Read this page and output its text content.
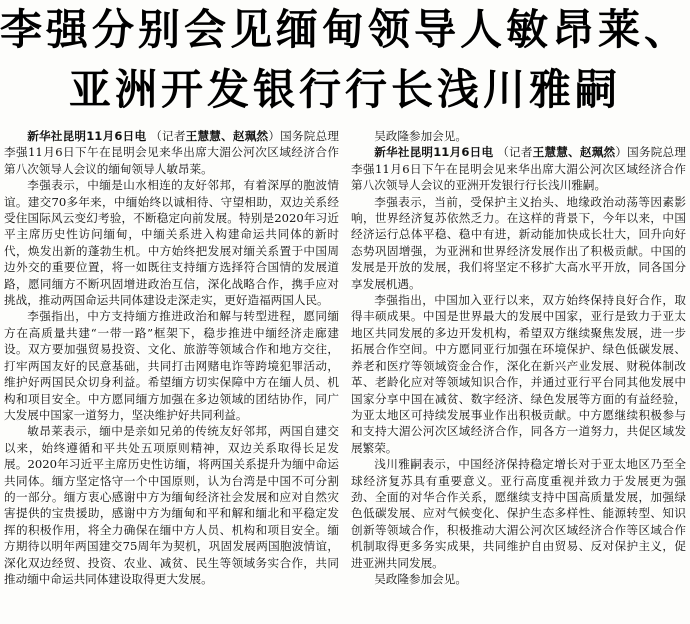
李强分别会见缅甸领导人敏昂莱、
亚洲开发银行行长浅川雅嗣

新华社昆明11月6日电 （记者王慧慧、赵珮然）国务院总理李强11月6日下午在昆明会见来华出席大湄公河次区域经济合作第八次领导人会议的缅甸领导人敏昂莱。

李强表示，中缅是山水相连的友好邻邦，有着深厚的胞波情谊。建交70多年来，中缅始终以诚相待、守望相助，双边关系经受住国际风云变幻考验，不断稳定向前发展。特别是2020年习近平主席历史性访问缅甸，中缅关系进入构建命运共同体的新时代，焕发出新的蓬勃生机。中方始终把发展对缅关系置于中国周边外交的重要位置，将一如既往支持缅方选择符合国情的发展道路，愿同缅方不断巩固增进政治互信，深化战略合作，携手应对挑战，推动两国命运共同体建设走深走实，更好造福两国人民。

李强指出，中方支持缅方推进政治和解与转型进程，愿同缅方在高质量共建“一带一路”框架下，稳步推进中缅经济走廊建设。双方要加强贸易投资、文化、旅游等领域合作和地方交往，打牢两国友好的民意基础，共同打击网赌电诈等跨境犯罪活动，维护好两国民众切身利益。希望缅方切实保障中方在缅人员、机构和项目安全。中方愿同缅方加强在多边领域的团结协作，同广大发展中国家一道努力，坚决维护好共同利益。

敏昂莱表示，缅中是亲如兄弟的传统友好邻邦，两国自建交以来，始终遵循和平共处五项原则精神，双边关系取得长足发展。2020年习近平主席历史性访缅，将两国关系提升为缅中命运共同体。缅方坚定恪守一个中国原则，认为台湾是中国不可分割的一部分。缅方衷心感谢中方为缅甸经济社会发展和应对自然灾害提供的宝贵援助，感谢中方为缅甸和平和解和缅北和平稳定发挥的积极作用，将全力确保在缅中方人员、机构和项目安全。缅方期待以明年两国建交75周年为契机，巩固发展两国胞波情谊，深化双边经贸、投资、农业、减贫、民生等领域务实合作，共同推动缅中命运共同体建设取得更大发展。

吴政隆参加会见。

新华社昆明11月6日电 （记者王慧慧、赵珮然）国务院总理李强11月6日下午在昆明会见来华出席大湄公河次区域经济合作第八次领导人会议的亚洲开发银行行长浅川雅嗣。

李强表示，当前，受保护主义抬头、地缘政治动荡等因素影响，世界经济复苏依然乏力。在这样的背景下，今年以来，中国经济运行总体平稳、稳中有进，新动能加快成长壮大，回升向好态势巩固增强，为亚洲和世界经济发展作出了积极贡献。中国的发展是开放的发展，我们将坚定不移扩大高水平开放，同各国分享发展机遇。

李强指出，中国加入亚行以来，双方始终保持良好合作，取得丰硕成果。中国是世界最大的发展中国家，亚行是致力于亚太地区共同发展的多边开发机构，希望双方继续聚焦发展，进一步拓展合作空间。中方愿同亚行加强在环境保护、绿色低碳发展、养老和医疗等领域资金合作，深化在新兴产业发展、财税体制改革、老龄化应对等领域知识合作，并通过亚行平台同其他发展中国家分享中国在减贫、数字经济、绿色发展等方面的有益经验，为亚太地区可持续发展事业作出积极贡献。中方愿继续积极参与和支持大湄公河次区域经济合作，同各方一道努力，共促区域发展繁荣。

浅川雅嗣表示，中国经济保持稳定增长对于亚太地区乃至全球经济复苏具有重要意义。亚行高度重视并致力于发展更为强劲、全面的对华合作关系，愿继续支持中国高质量发展，加强绿色低碳发展、应对气候变化、保护生态多样性、能源转型、知识创新等领域合作，积极推动大湄公河次区域经济合作等区域合作机制取得更多务实成果，共同维护自由贸易、反对保护主义，促进亚洲共同发展。

吴政隆参加会见。
